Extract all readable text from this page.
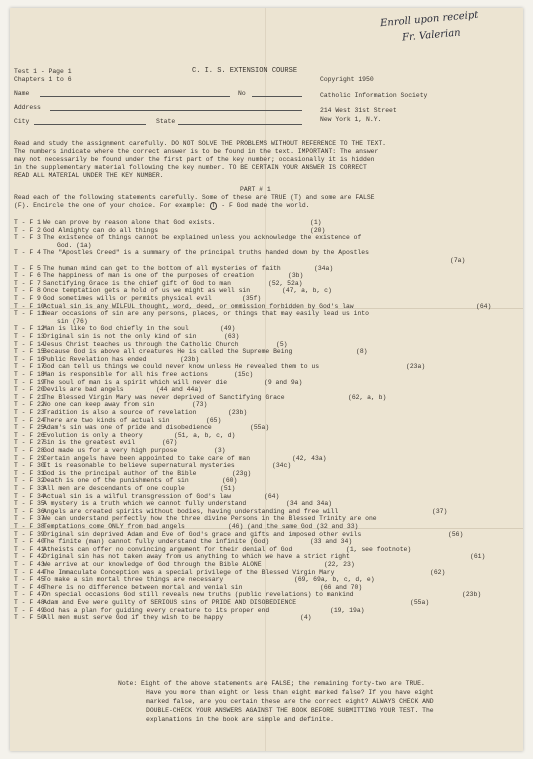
Enroll upon receipt
Fr. Valerian
Test 1 - Page 1
Chapters 1 to 6
C. I. S. EXTENSION COURSE
Copyright 1950
Name	No	Catholic Information Society
Address
City	State
214 West 31st Street
New York 1, N.Y.
Read and study the assignment carefully. DO NOT SOLVE THE PROBLEMS WITHOUT REFERENCE TO THE TEXT.
The numbers indicate where the correct answer is to be found in the text. IMPORTANT: The answer
may not necessarily be found under the first part of the key number; occasionally it is hidden
in the supplementary material following the key number. TO BE CERTAIN YOUR ANSWER IS CORRECT
READ ALL MATERIAL UNDER THE KEY NUMBER.
PART # 1
Read each of the following statements carefully. Some of these are TRUE (T) and some are FALSE
(F). Encircle the one of your choice. For example: T - F God made the world.
T - F 1 We can prove by reason alone that God exists.	(1)
T - F 2 God Almighty can do all things	(20)
T - F 3 The existence of things cannot be explained unless you acknowledge the existence of
God. (1a)
T - F 4 The "Apostles Creed" is a summary of the principal truths handed down by the Apostles
(7a)
T - F 5 The human mind can get to the bottom of all mysteries of faith	(34a)
T - F 6 The happiness of man is one of the purposes of creation	(3b)
T - F 7 Sanctifying Grace is the chief gift of God to man	(52, 52a)
T - F 8 Once temptation gets a hold of us we might as well sin	(47, a, b, c)
T - F 9 God sometimes wills or permits physical evil	(35f)
T - F 10
Actual sin is any WILFUL thought, word, deed, or ommission forbidden by God's law	(64)
T - F 11
Near occasions of sin are any persons, places, or things that may easily lead us into
sin (76)
T - F 12
Man is like to God chiefly in the soul	(49)
T - F 13
Original sin is not the only kind of sin	(63)
T - F 14
Jesus Christ teaches us through the Catholic Church	(5)
T - F 15
Because God is above all creatures He is called the Supreme Being	(8)
T - F 16
Public Revelation has ended	(23b)
T - F 17
God can tell us things we could never know unless He revealed them to us	(23a)
T - F 18
Man is responsible for all his free actions	(15c)
T - F 19
The soul of man is a spirit which will never die	(9 and 9a)
T - F 20
Devils are bad angels	(44 and 44a)
T - F 21
The Blessed Virgin Mary was never deprived of Sanctifying Grace	(62, a, b)
T - F 22
No one can keep away from sin	(73)
T - F 23
Tradition is also a source of revelation	(23b)
T - F 24
There are two kinds of actual sin	(65)
T - F 25
Adam's sin was one of pride and disobedience	(55a)
T - F 26
Evolution is only a theory	(51, a, b, c, d)
T - F 27
Sin is the greatest evil	(67)
T - F 28
God made us for a very high purpose	(3)
T - F 29
Certain angels have been appointed to take care of man	(42, 43a)
T - F 30
It is reasonable to believe supernatural mysteries	(34c)
T - F 31
God is the principal author of the Bible	(23g)
T - F 32
Death is one of the punishments of sin	(60)
T - F 33
All men are descendants of one couple	(51)
T - F 34
Actual sin is a wilful transgression of God's law	(64)
T - F 35
A mystery is a truth which we cannot fully understand	(34 and 34a)
T - F 36
Angels are created spirits without bodies, having understanding and free will	(37)
T - F 37
We can understand perfectly how the three divine Persons in the Blessed Trinity are one
T - F 38
Temptations come ONLY from bad angels	(46) (and the same God (32 and 33)
T - F 39
Original sin deprived Adam and Eve of God's grace and gifts and imposed other evils	(56)
T - F 40
The finite (man) cannot fully understand the infinite (God)	(33 and 34)
T - F 41
Atheists can offer no convincing argument for their denial of God	(1, see footnote)
T - F 42
Original sin has not taken away from us anything to which we have a strict right	(61)
T - F 43
We arrive at our knowledge of God through the Bible ALONE	(22, 23)
T - F 44
The Immaculate Conception was a special privilege of the Blessed Virgin Mary	(62)
T - F 45
To make a sin mortal three things are necessary	(69, 69a, b, c, d, e)
T - F 46
There is no difference between mortal and venial sin	(66 and 70)
T - F 47
On special occasions God still reveals new truths (public revelations) to mankind	(23b)
T - F 48
Adam and Eve were guilty of SERIOUS sins of PRIDE AND DISOBEDIENCE	(55a)
T - F 49
God has a plan for guiding every creature to its proper end	(19, 19a)
T - F 50
All men must serve God if they wish to be happy	(4)
Note: Eight of the above statements are FALSE; the remaining forty-two are TRUE.
Have you more than eight or less than eight marked false? If you have eight
marked false, are you certain these are the correct eight? ALWAYS CHECK AND
DOUBLE-CHECK YOUR ANSWERS AGAINST THE BOOK BEFORE SUBMITTING YOUR TEST. The
explanations in the book are simple and definite.
